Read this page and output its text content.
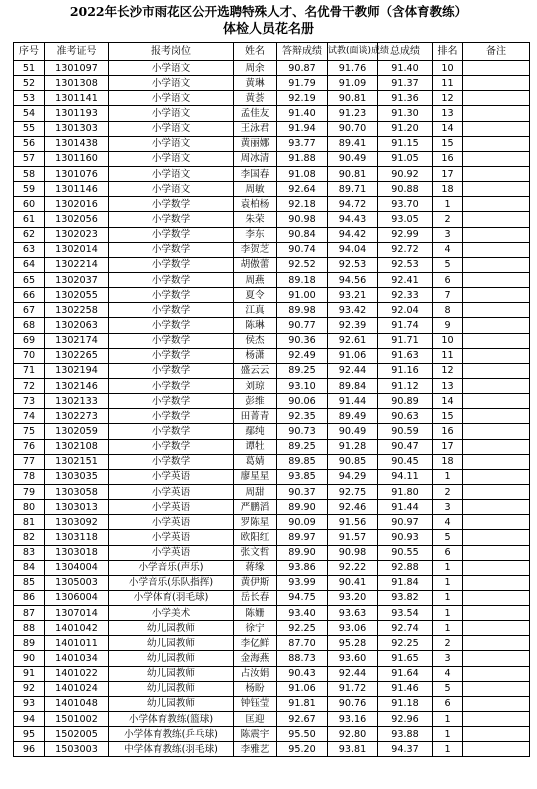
2022年长沙市雨花区公开选聘特殊人才、名优骨干教师（含体育教练）
体检人员花名册
序号	准考证号	报考岗位	姓名	答辩成绩	试教(面谈)成绩	总成绩	排名	备注
51	1301097	小学语文	周余	90.87	91.76	91.40	10	
52	1301308	小学语文	黄琳	91.79	91.09	91.37	11	
53	1301141	小学语文	黄荟	92.19	90.81	91.36	12	
54	1301193	小学语文	孟佳友	91.40	91.23	91.30	13	
55	1301303	小学语文	王泳君	91.94	90.70	91.20	14	
56	1301438	小学语文	黄丽娜	93.77	89.41	91.15	15	
57	1301160	小学语文	周冰清	91.88	90.49	91.05	16	
58	1301076	小学语文	李国春	91.08	90.81	90.92	17	
59	1301146	小学语文	周敏	92.64	89.71	90.88	18	
60	1302016	小学数学	袁柏杨	92.18	94.72	93.70	1	
61	1302056	小学数学	朱荣	90.98	94.43	93.05	2	
62	1302023	小学数学	李东	90.84	94.42	92.99	3	
63	1302014	小学数学	李贺芝	90.74	94.04	92.72	4	
64	1302214	小学数学	胡傲蕾	92.52	92.53	92.53	5	
65	1302037	小学数学	周燕	89.18	94.56	92.41	6	
66	1302055	小学数学	夏令	91.00	93.21	92.33	7	
67	1302258	小学数学	江真	89.98	93.42	92.04	8	
68	1302063	小学数学	陈琳	90.77	92.39	91.74	9	
69	1302174	小学数学	侯杰	90.36	92.61	91.71	10	
70	1302265	小学数学	杨潇	92.49	91.06	91.63	11	
71	1302194	小学数学	盛云云	89.25	92.44	91.16	12	
72	1302146	小学数学	刘琼	93.10	89.84	91.12	13	
73	1302133	小学数学	彭维	90.06	91.44	90.89	14	
74	1302273	小学数学	田菁青	92.35	89.49	90.63	15	
75	1302059	小学数学	鄢纯	90.73	90.49	90.59	16	
76	1302108	小学数学	谭牡	89.25	91.28	90.47	17	
77	1302151	小学数学	葛婧	89.85	90.85	90.45	18	
78	1303035	小学英语	廖星星	93.85	94.29	94.11	1	
79	1303058	小学英语	周甜	90.37	92.75	91.80	2	
80	1303013	小学英语	严鹏滔	89.90	92.46	91.44	3	
81	1303092	小学英语	罗陈星	90.09	91.56	90.97	4	
82	1303118	小学英语	欧阳红	89.97	91.57	90.93	5	
83	1303018	小学英语	张文哲	89.90	90.98	90.55	6	
84	1304004	小学音乐(声乐)	蒋缘	93.86	92.22	92.88	1	
85	1305003	小学音乐(乐队指挥)	黄伊斯	93.99	90.41	91.84	1	
86	1306004	小学体育(羽毛球)	岳长春	94.75	93.20	93.82	1	
87	1307014	小学美术	陈姗	93.40	93.63	93.54	1	
88	1401042	幼儿园教师	徐宁	92.25	93.06	92.74	1	
89	1401011	幼儿园教师	李亿鲜	87.70	95.28	92.25	2	
90	1401034	幼儿园教师	金海燕	88.73	93.60	91.65	3	
91	1401022	幼儿园教师	占汝娟	90.43	92.44	91.64	4	
92	1401024	幼儿园教师	杨盼	91.06	91.72	91.46	5	
93	1401048	幼儿园教师	钟钰莹	91.81	90.76	91.18	6	
94	1501002	小学体育教练(篮球)	匡迎	92.67	93.16	92.96	1	
95	1502005	小学体育教练(乒乓球)	陈震宇	95.50	92.80	93.88	1	
96	1503003	中学体育教练(羽毛球)	李雅艺	95.20	93.81	94.37	1	
